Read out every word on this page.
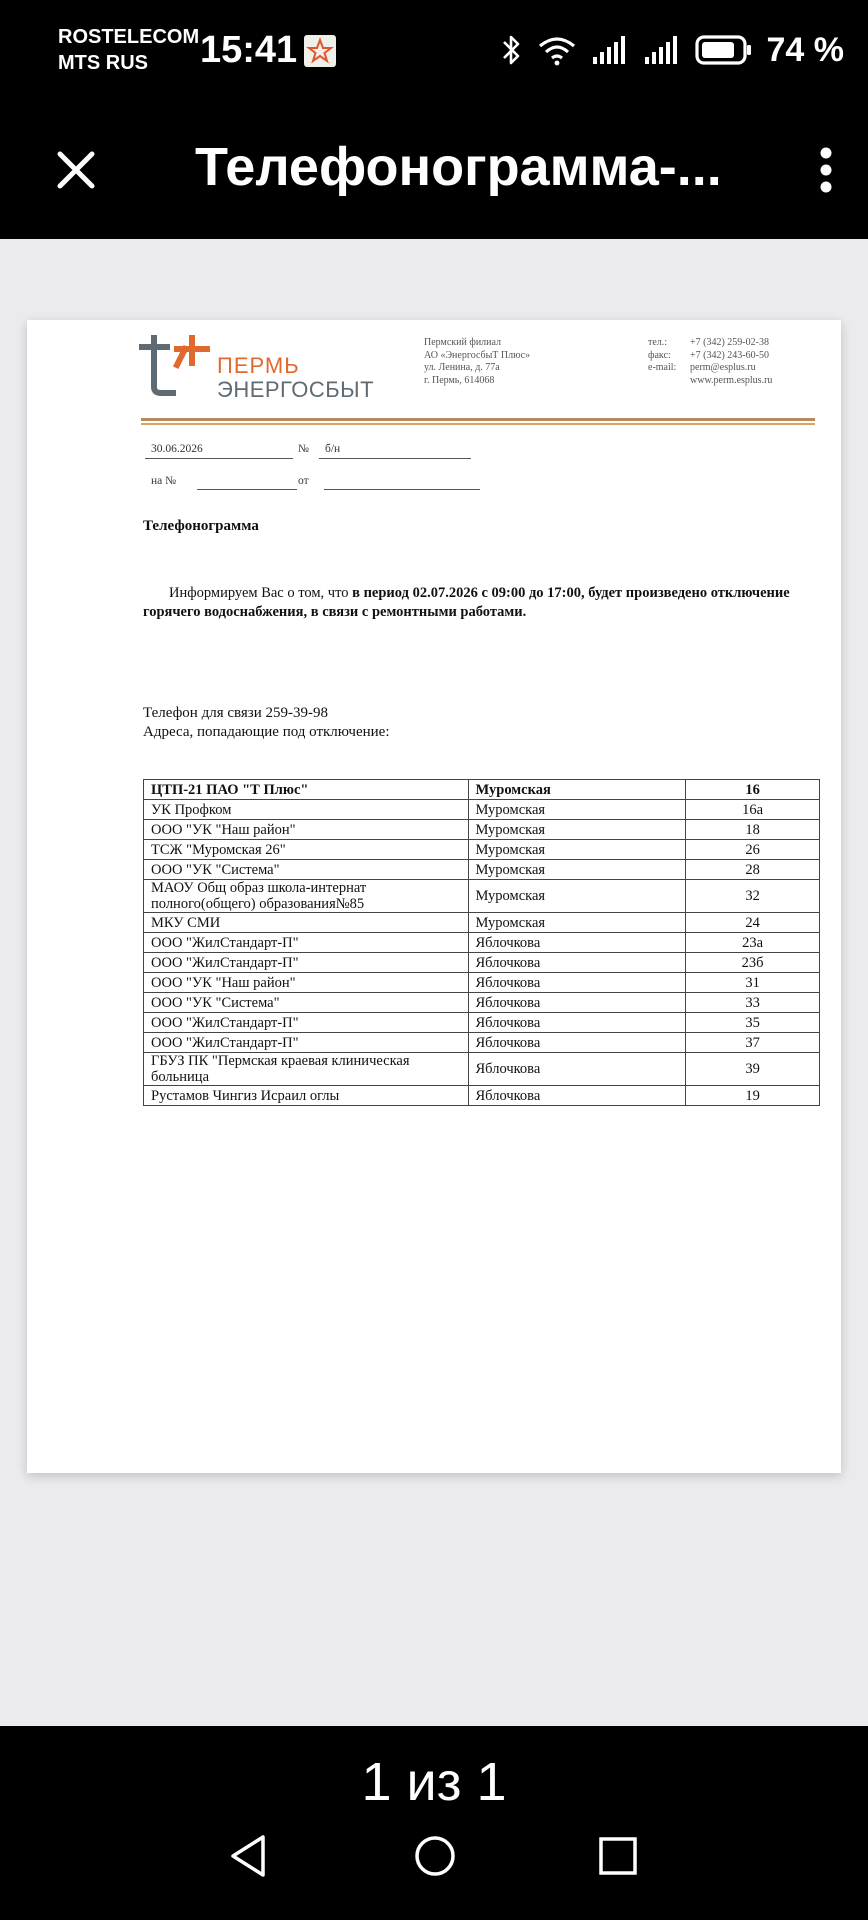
ROSTELECOM
MTS RUS	15:41	74 %
Телефонограмма-...
ПЕРМЬ
ЭНЕРГОСБЫТ
Пермский филиал
АО «ЭнергосбыТ Плюс»
ул. Ленина, д. 77а
г. Пермь, 614068
тел.: +7 (342) 259-02-38
факс: +7 (342) 243-60-50
e-mail: perm@esplus.ru
www.perm.esplus.ru
30.06.2026	№ б/н
на №	от
Телефонограмма
Информируем Вас о том, что в период 02.07.2026 с 09:00 до 17:00, будет произведено отключение горячего водоснабжения, в связи с ремонтными работами.
Телефон для связи 259-39-98
Адреса, попадающие под отключение:
ЦТП-21 ПАО "Т Плюс"	Муромская	16
УК Профком	Муромская	16а
ООО "УК "Наш район"	Муромская	18
ТСЖ "Муромская 26"	Муромская	26
ООО "УК "Система"	Муромская	28
МАОУ Общ образ школа-интернат полного(общего) образования№85	Муромская	32
МКУ СМИ	Муромская	24
ООО "ЖилСтандарт-П"	Яблочкова	23а
ООО "ЖилСтандарт-П"	Яблочкова	23б
ООО "УК "Наш район"	Яблочкова	31
ООО "УК "Система"	Яблочкова	33
ООО "ЖилСтандарт-П"	Яблочкова	35
ООО "ЖилСтандарт-П"	Яблочкова	37
ГБУЗ ПК "Пермская краевая клиническая больница	Яблочкова	39
Рустамов Чингиз Исраил оглы	Яблочкова	19
1 из 1
